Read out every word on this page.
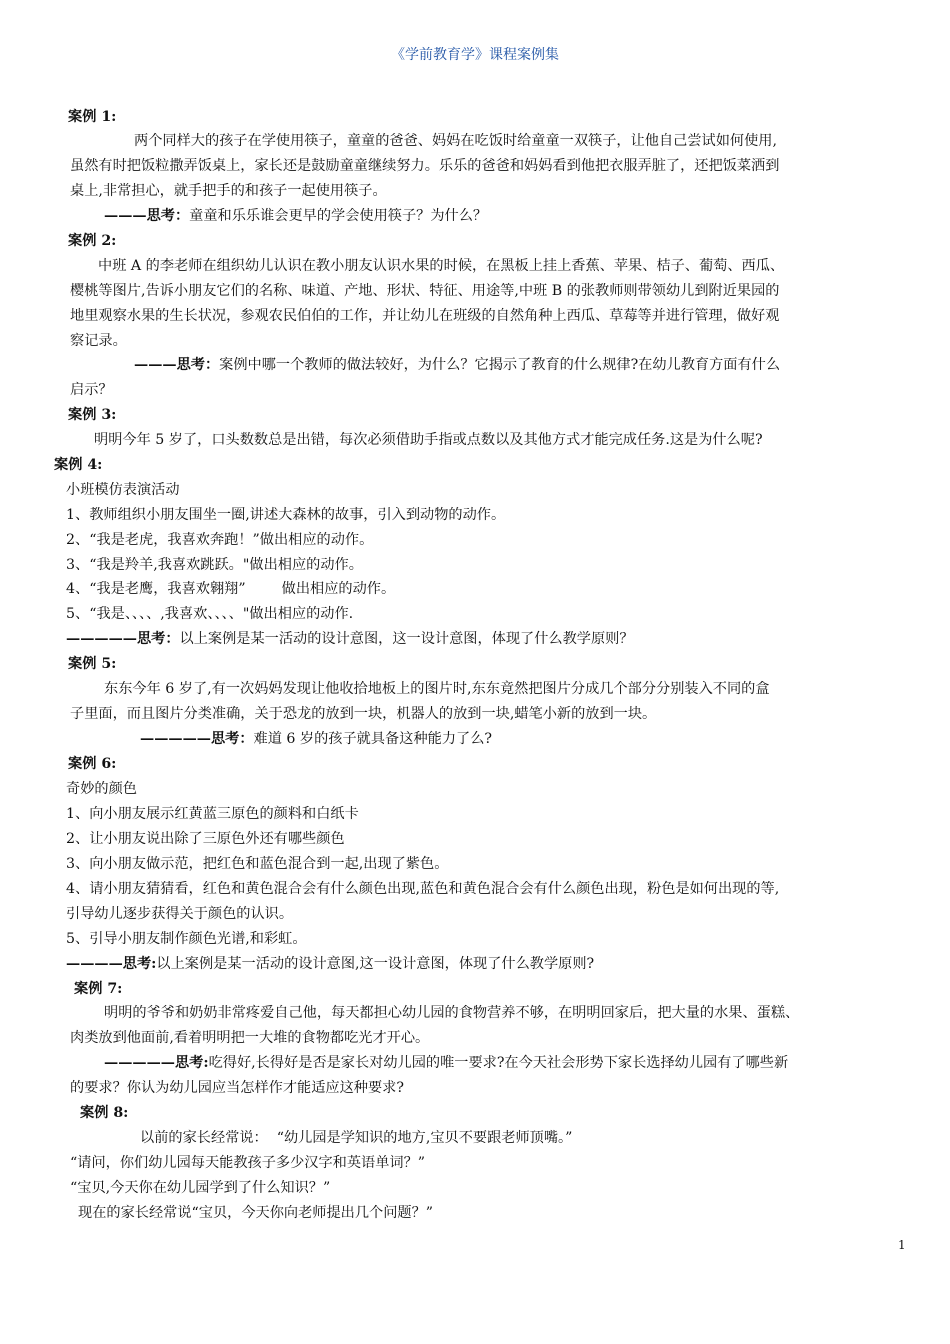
《学前教育学》课程案例集
案例 1:
两个同样大的孩子在学使用筷子，童童的爸爸、妈妈在吃饭时给童童一双筷子，让他自己尝试如何使用,
虽然有时把饭粒撒弄饭桌上，家长还是鼓励童童继续努力。乐乐的爸爸和妈妈看到他把衣服弄脏了，还把饭菜洒到
桌上,非常担心，就手把手的和孩子一起使用筷子。
———思考：童童和乐乐谁会更早的学会使用筷子？为什么？
案例 2:
中班 A 的李老师在组织幼儿认识在教小朋友认识水果的时候，在黑板上挂上香蕉、苹果、桔子、葡萄、西瓜、
樱桃等图片,告诉小朋友它们的名称、味道、产地、形状、特征、用途等,中班 B 的张教师则带领幼儿到附近果园的
地里观察水果的生长状况，参观农民伯伯的工作，并让幼儿在班级的自然角种上西瓜、草莓等并进行管理，做好观
察记录。
———思考：案例中哪一个教师的做法较好，为什么？它揭示了教育的什么规律?在幼儿教育方面有什么
启示？
案例 3:
明明今年 5 岁了，口头数数总是出错，每次必须借助手指或点数以及其他方式才能完成任务.这是为什么呢?
案例 4:
小班模仿表演活动
1、教师组织小朋友围坐一圈,讲述大森林的故事，引入到动物的动作。
2、“我是老虎，我喜欢奔跑！”做出相应的动作。
3、“我是羚羊,我喜欢跳跃。"做出相应的动作。
4、“我是老鹰，我喜欢翱翔”        做出相应的动作。
5、“我是、、、、,我喜欢、、、、"做出相应的动作.
—————思考：以上案例是某一活动的设计意图，这一设计意图，体现了什么教学原则？
案例 5:
东东今年 6 岁了,有一次妈妈发现让他收拾地板上的图片时,东东竟然把图片分成几个部分分别装入不同的盒
子里面，而且图片分类准确，关于恐龙的放到一块，机器人的放到一块,蜡笔小新的放到一块。
—————思考：难道 6 岁的孩子就具备这种能力了么?
案例 6:
奇妙的颜色
1、向小朋友展示红黄蓝三原色的颜料和白纸卡
2、让小朋友说出除了三原色外还有哪些颜色
3、向小朋友做示范，把红色和蓝色混合到一起,出现了紫色。
4、请小朋友猜猜看，红色和黄色混合会有什么颜色出现,蓝色和黄色混合会有什么颜色出现，粉色是如何出现的等,
引导幼儿逐步获得关于颜色的认识。
5、引导小朋友制作颜色光谱,和彩虹。
————思考:以上案例是某一活动的设计意图,这一设计意图，体现了什么教学原则?
案例 7:
明明的爷爷和奶奶非常疼爱自己他，每天都担心幼儿园的食物营养不够，在明明回家后，把大量的水果、蛋糕、
肉类放到他面前,看着明明把一大堆的食物都吃光才开心。
—————思考:吃得好,长得好是否是家长对幼儿园的唯一要求?在今天社会形势下家长选择幼儿园有了哪些新
的要求？你认为幼儿园应当怎样作才能适应这种要求?
案例 8:
以前的家长经常说：  “幼儿园是学知识的地方,宝贝不要跟老师顶嘴。”
“请问，你们幼儿园每天能教孩子多少汉字和英语单词？”
“宝贝,今天你在幼儿园学到了什么知识？”
现在的家长经常说“宝贝，今天你向老师提出几个问题？”
1
